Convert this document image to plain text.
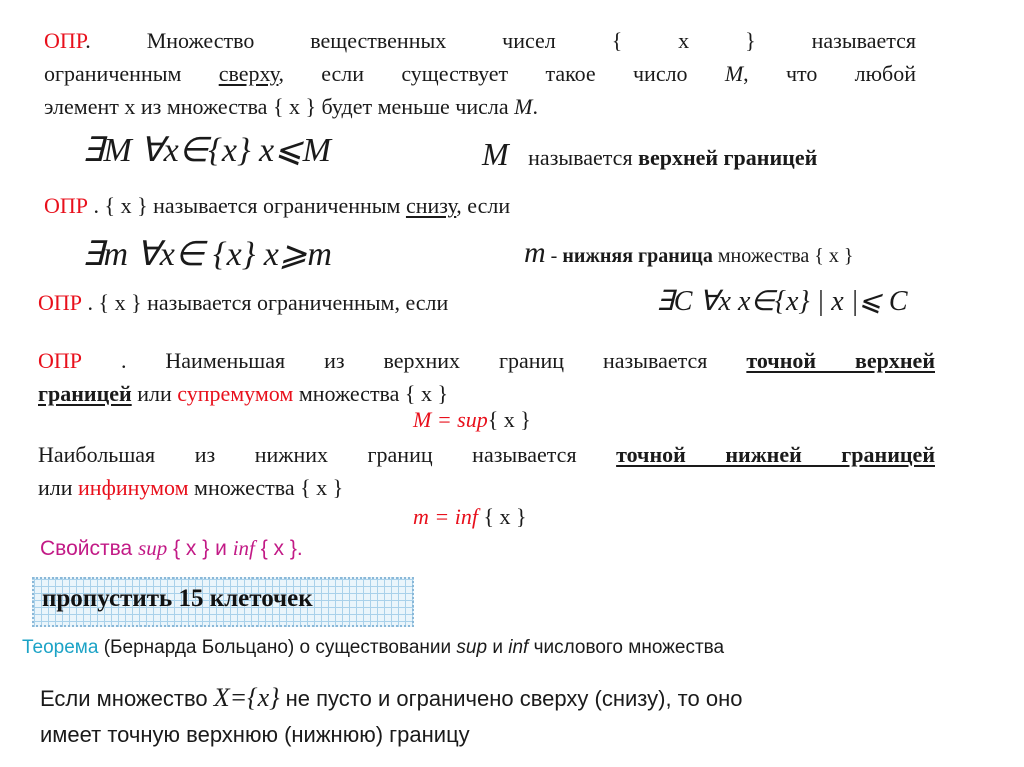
ОПР. Множество вещественных чисел { x } называется
ограниченным сверху, если существует такое число M, что любой
элемент x из множества { x } будет меньше числа M.
∃M ∀x∈{x} x⩽M	M называется верхней границей
ОПР . { x } называется ограниченным снизу, если
∃m ∀x∈ {x} x⩾m	m - нижняя граница множества { x }
ОПР . { x } называется ограниченным, если	∃C ∀x x∈{x} | x |⩽ C
ОПР . Наименьшая из верхних границ называется точной верхней
границей или супремумом множества { x }
M = sup{ x }
Наибольшая из нижних границ называется точной нижней границей
или инфинумом множества { x }
m = inf { x }
Свойства sup { x } и inf { x }.
пропустить 15 клеточек
Теорема (Бернарда Больцано) о существовании sup и inf числового множества
Если множество X={x} не пусто и ограничено сверху (снизу), то оно
имеет точную верхнюю (нижнюю) границу
